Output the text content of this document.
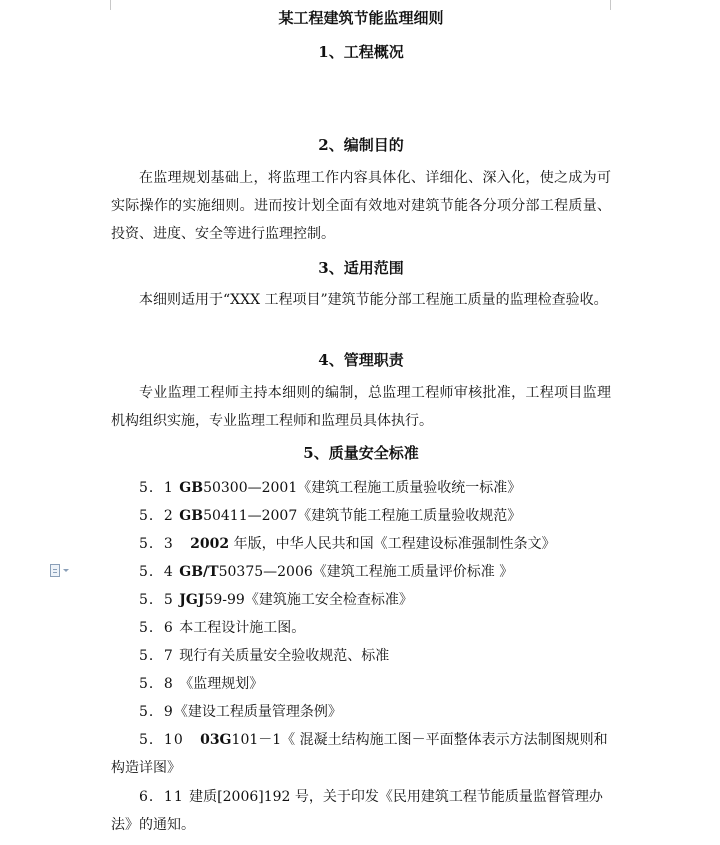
某工程建筑节能监理细则
1、工程概况
2、编制目的
在监理规划基础上，将监理工作内容具体化、详细化、深入化，使之成为可实际操作的实施细则。进而按计划全面有效地对建筑节能各分项分部工程质量、投资、进度、安全等进行监理控制。
3、适用范围
本细则适用于“XXX 工程项目”建筑节能分部工程施工质量的监理检查验收。
4、管理职责
专业监理工程师主持本细则的编制，总监理工程师审核批准，工程项目监理机构组织实施，专业监理工程师和监理员具体执行。
5、质量安全标准
5．1 GB50300—2001《建筑工程施工质量验收统一标准》
5．2 GB50411—2007《建筑节能工程施工质量验收规范》
5．3   2002 年版，中华人民共和国《工程建设标准强制性条文》
5．4 GB/T50375—2006《建筑工程施工质量评价标准 》
5．5 JGJ59-99《建筑施工安全检查标准》
5．6 本工程设计施工图。
5．7 现行有关质量安全验收规范、标准
5．8 《监理规划》
5．9《建设工程质量管理条例》
5．10   03G101－1《 混凝土结构施工图－平面整体表示方法制图规则和构造详图》
6．11 建质[2006]192 号，关于印发《民用建筑工程节能质量监督管理办法》的通知。
